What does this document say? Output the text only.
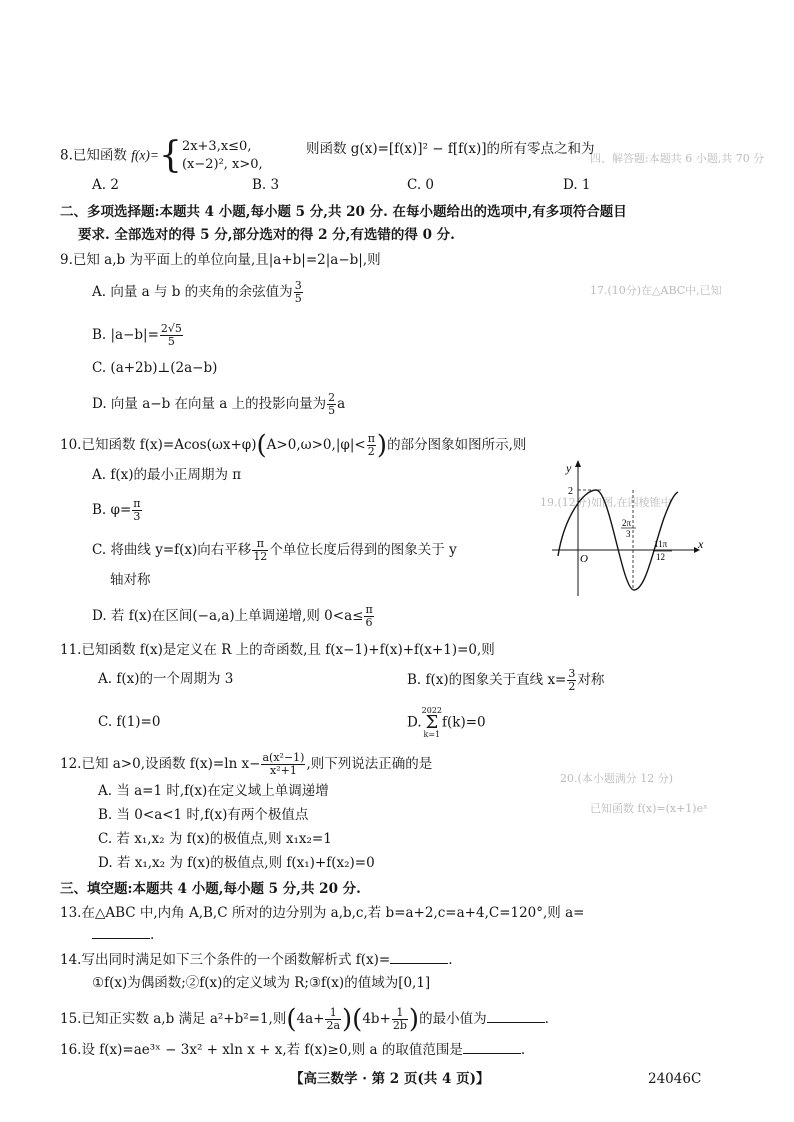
四、解答题:本题共 6 小题,共 70 分
17.(10分)在△ABC中,已知
19.(12分)如图,在四棱锥中
20.(本小题满分 12 分)
已知函数 f(x)=(x+1)eˣ
8.已知函数 f(x)={ 2x+3,x≤0,
(x−2)², x>0,
则函数 g(x)=[f(x)]² − f[f(x)]的所有零点之和为
A. 2	B. 3	C. 0	D. 1
二、多项选择题:本题共 4 小题,每小题 5 分,共 20 分. 在每小题给出的选项中,有多项符合题目
要求. 全部选对的得 5 分,部分选对的得 2 分,有选错的得 0 分.
9.已知 a,b 为平面上的单位向量,且|a+b|=2|a−b|,则
A. 向量 a 与 b 的夹角的余弦值为 $\frac{3}{5}$
B. $|a-b|= \frac{2√5}{5}$
C. (a+2b)⊥(2a−b)
D. 向量 a−b 在向量 a 上的投影向量为 $\frac{2}{5}$ a
10.已知函数 $f(x)=Acos(\omega x+\varphi)(A>0,\omega>0,|\varphi|< \frac{\pi}{2}$ )的部分图象如图所示,则
A. f(x)的最小正周期为 π
B. $\varphi= \frac{\pi}{3}$
C. 将曲线 y=f(x)向右平移 $\frac{\pi}{12}$ 个单位长度后得到的图象关于 y
轴对称
D. 若 f(x)在区间(−a,a)上单调递增,则 $0<a\le \frac{\pi}{6}$
y
x
O
2
2π
3
11π
12
11.已知函数 f(x)是定义在 R 上的奇函数,且 f(x−1)+f(x)+f(x+1)=0,则
A. f(x)的一个周期为 3	B. f(x)的图象关于直线 $x= \frac{3}{2}$ 对称
C. f(1)=0	D.2022
Σ
k=1f(k)=0
12.已知 a>0,设函数 f(x)=ln $x- \frac{\text{a(x²−1)}}{\text{x²+1}}$ ,则下列说法正确的是
A. 当 a=1 时,f(x)在定义域上单调递增
B. 当 0<a<1 时,f(x)有两个极值点
C. 若 x₁,x₂ 为 f(x)的极值点,则 x₁x₂=1
D. 若 x₁,x₂ 为 f(x)的极值点,则 f(x₁)+f(x₂)=0
三、填空题:本题共 4 小题,每小题 5 分,共 20 分.
13.在△ABC 中,内角 A,B,C 所对的边分别为 a,b,c,若 b=a+2,c=a+4,C=120°,则 a=
.
14.写出同时满足如下三个条件的一个函数解析式 f(x)=	.
①f(x)为偶函数;②f(x)的定义域为 R;③f(x)的值域为[0,1]
15.已知正实数 a,b 满足 a²+b²=1,则$(4a+ \frac{1}{2a} )(4b+ \frac{1}{2b}$ )的最小值为	.
16.设 f(x)=ae³ˣ − 3x² + xln x + x,若 f(x)≥0,则 a 的取值范围是	.
【高三数学 · 第 2 页(共 4 页)】	24046C
